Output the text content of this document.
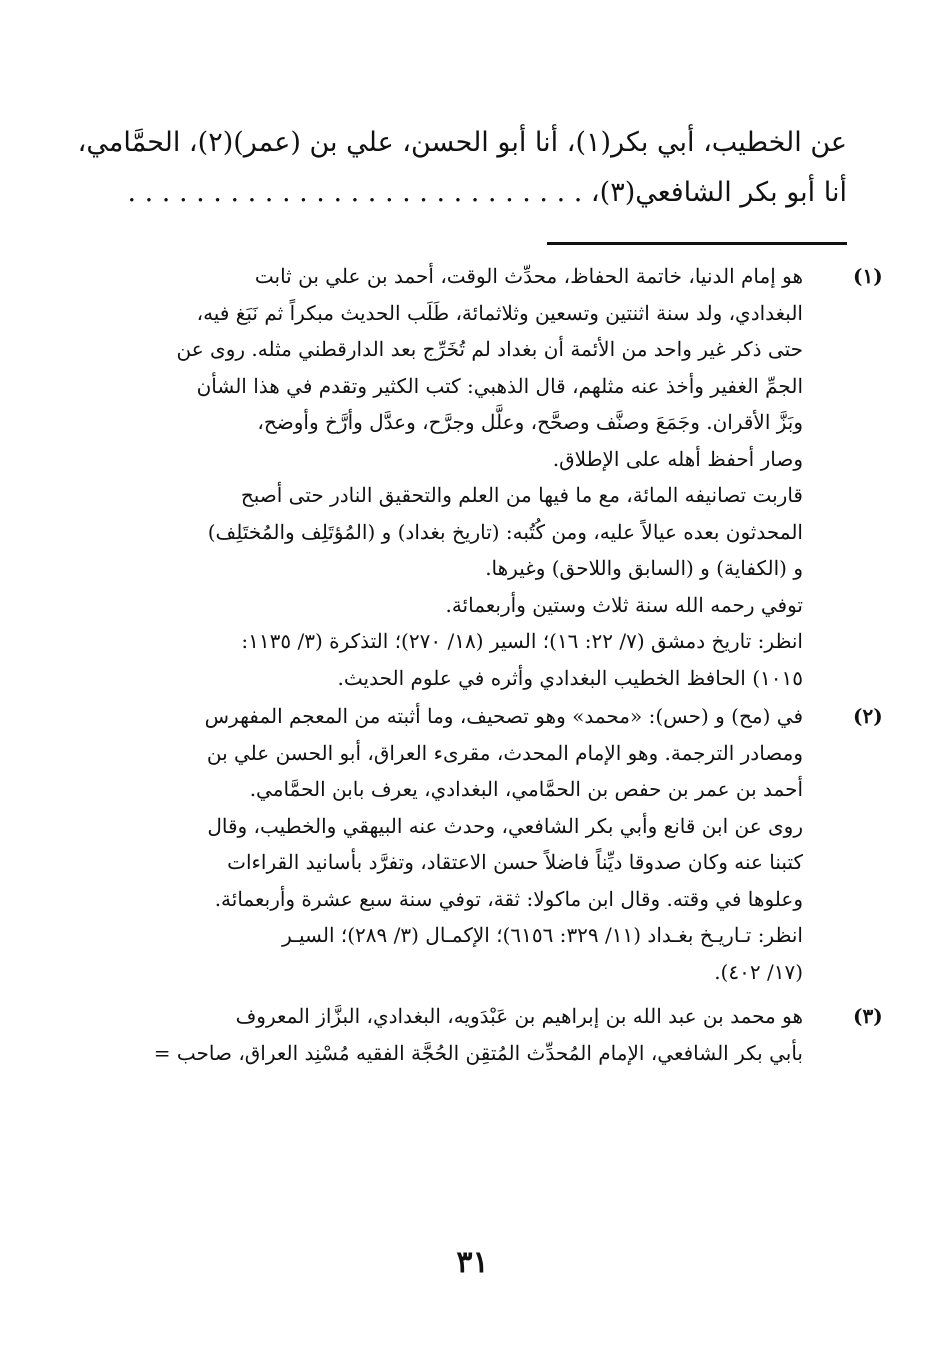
عن الخطيب، أبي بكر(١)، أنا أبو الحسن، علي بن (عمر)(٢)، الحمَّامي،
أنا أبو بكر الشافعي(٣)، . . . . . . . . . . . . . . . . . . . . . . . . . . .
(١)
هو إمام الدنيا، خاتمة الحفاظ، محدِّث الوقت، أحمد بن علي بن ثابت
البغدادي، ولد سنة اثنتين وتسعين وثلاثمائة، طَلَب الحديث مبكراً ثم نَبَغ فيه،
حتى ذكر غير واحد من الأئمة أن بغداد لم تُخَرِّج بعد الدارقطني مثله. روى عن
الجمِّ الغفير وأخذ عنه مثلهم، قال الذهبي: كتب الكثير وتقدم في هذا الشأن
وبَزَّ الأقران. وجَمَعَ وصنَّف وصحَّح، وعلَّل وجرَّح، وعدَّل وأرَّخ وأوضح،
وصار أحفظ أهله على الإطلاق.
قاربت تصانيفه المائة، مع ما فيها من العلم والتحقيق النادر حتى أصبح
المحدثون بعده عيالاً عليه، ومن كُتُبه: (تاريخ بغداد) و (المُؤتَلِف والمُختَلِف)
و (الكفاية) و (السابق واللاحق) وغيرها.
توفي رحمه الله سنة ثلاث وستين وأربعمائة.
انظر: تاريخ دمشق (٧/ ٢٢: ١٦)؛ السير (١٨/ ٢٧٠)؛ التذكرة (٣/ ١١٣٥:
١٠١٥) الحافظ الخطيب البغدادي وأثره في علوم الحديث.
(٢)
في (مح) و (حس): «محمد» وهو تصحيف، وما أثبته من المعجم المفهرس
ومصادر الترجمة. وهو الإمام المحدث، مقرىء العراق، أبو الحسن علي بن
أحمد بن عمر بن حفص بن الحمَّامي، البغدادي، يعرف بابن الحمَّامي.
روى عن ابن قانع وأبي بكر الشافعي، وحدث عنه البيهقي والخطيب، وقال
كتبنا عنه وكان صدوقا ديِّناً فاضلاً حسن الاعتقاد، وتفرَّد بأسانيد القراءات
وعلوها في وقته. وقال ابن ماكولا: ثقة، توفي سنة سبع عشرة وأربعمائة.
انظر: تـاريـخ بغـداد (١١/ ٣٢٩: ٦١٥٦)؛ الإكمـال (٣/ ٢٨٩)؛ السيـر
(١٧/ ٤٠٢).
(٣)
هو محمد بن عبد الله بن إبراهيم بن عَبْدَويه، البغدادي، البزَّاز المعروف
بأبي بكر الشافعي، الإمام المُحدِّث المُتقِن الحُجَّة الفقيه مُسْنِد العراق، صاحب =
٣١
